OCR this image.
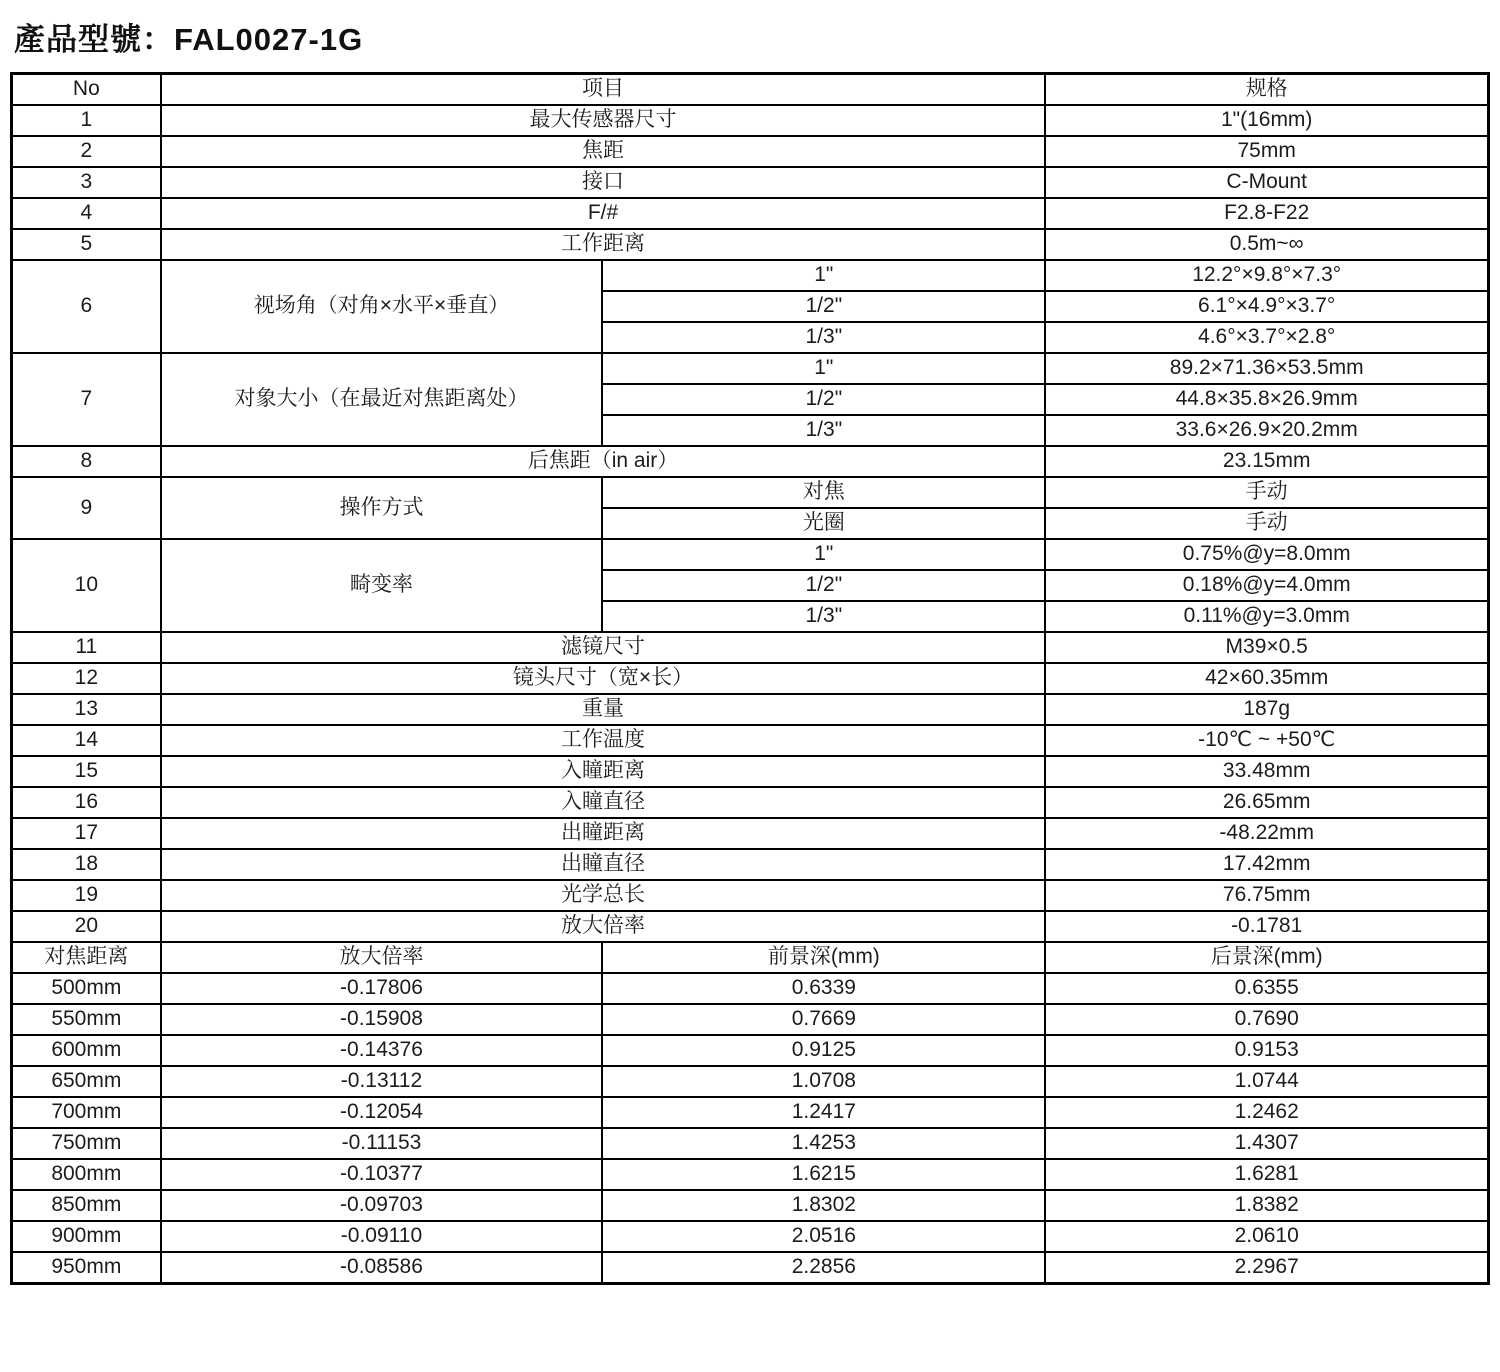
產品型號：FAL0027-1G
No	项目		规格
1	最大传感器尺寸		1"(16mm)
2	焦距		75mm
3	接口		C-Mount
4	F/#		F2.8-F22
5	工作距离		0.5m~∞
6	视场角（对角×水平×垂直）	1"	12.2°×9.8°×7.3°
		1/2"	6.1°×4.9°×3.7°
		1/3"	4.6°×3.7°×2.8°
7	对象大小（在最近对焦距离处）	1"	89.2×71.36×53.5mm
		1/2"	44.8×35.8×26.9mm
		1/3"	33.6×26.9×20.2mm
8	后焦距（in air）		23.15mm
9	操作方式	对焦	手动
		光圈	手动
10	畸变率	1"	0.75%@y=8.0mm
		1/2"	0.18%@y=4.0mm
		1/3"	0.11%@y=3.0mm
11	滤镜尺寸		M39×0.5
12	镜头尺寸（宽×长）		42×60.35mm
13	重量		187g
14	工作温度		-10℃ ~ +50℃
15	入瞳距离		33.48mm
16	入瞳直径		26.65mm
17	出瞳距离		-48.22mm
18	出瞳直径		17.42mm
19	光学总长		76.75mm
20	放大倍率		-0.1781
对焦距离	放大倍率	前景深(mm)	后景深(mm)
500mm	-0.17806	0.6339	0.6355
550mm	-0.15908	0.7669	0.7690
600mm	-0.14376	0.9125	0.9153
650mm	-0.13112	1.0708	1.0744
700mm	-0.12054	1.2417	1.2462
750mm	-0.11153	1.4253	1.4307
800mm	-0.10377	1.6215	1.6281
850mm	-0.09703	1.8302	1.8382
900mm	-0.09110	2.0516	2.0610
950mm	-0.08586	2.2856	2.2967
